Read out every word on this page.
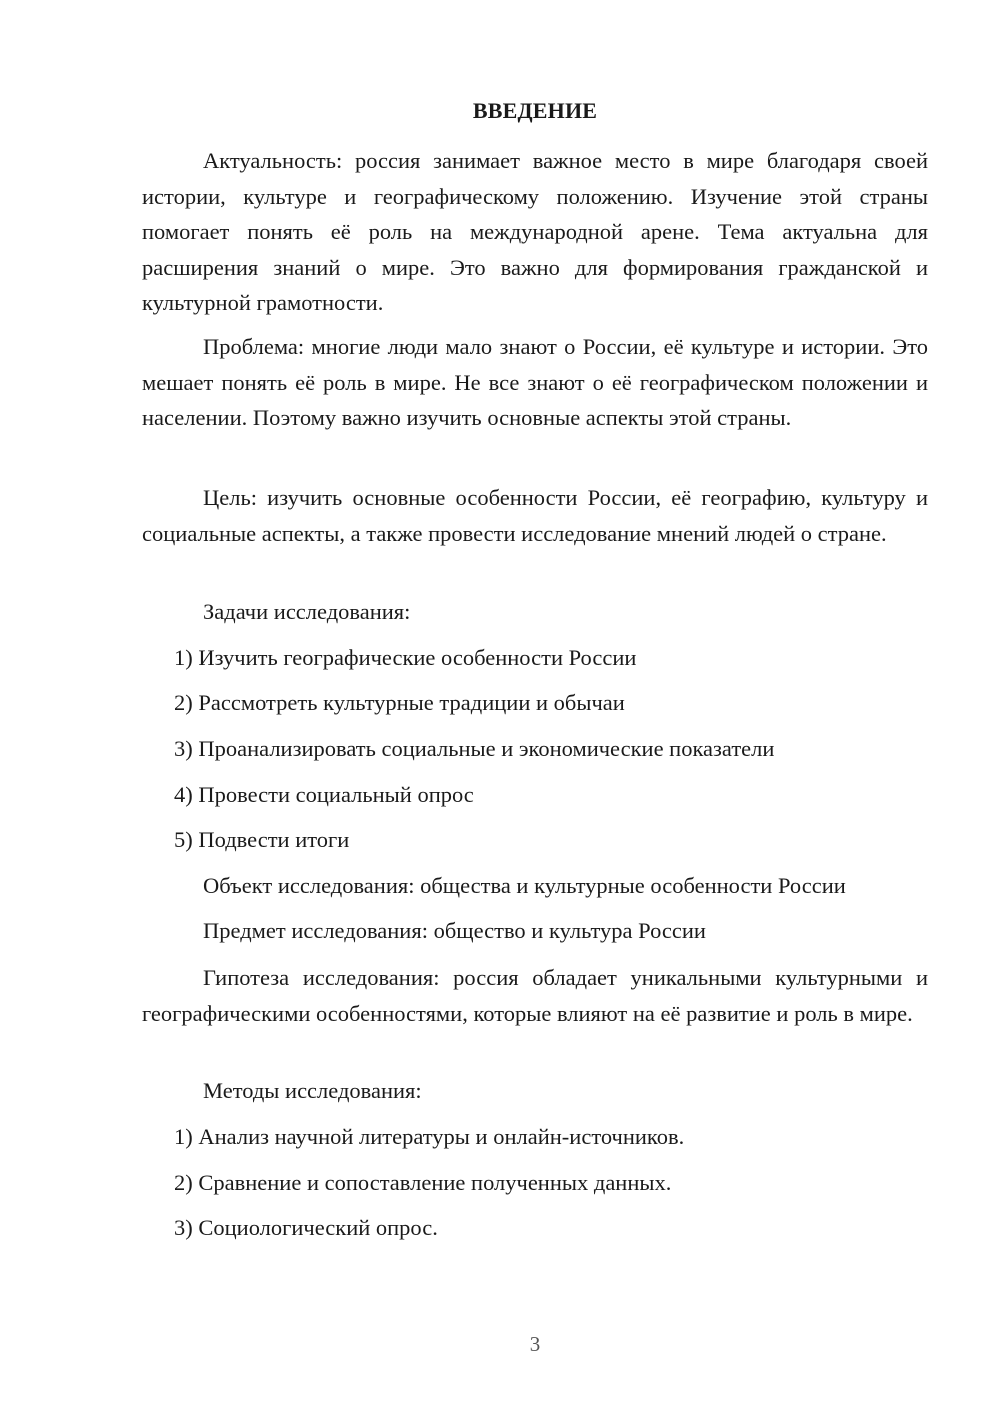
ВВЕДЕНИЕ

Актуальность: россия занимает важное место в мире благодаря своей истории, культуре и географическому положению. Изучение этой страны помогает понять её роль на международной арене. Тема актуальна для расширения знаний о мире. Это важно для формирования гражданской и культурной грамотности.

Проблема: многие люди мало знают о России, её культуре и истории. Это мешает понять её роль в мире. Не все знают о её географическом положении и населении. Поэтому важно изучить основные аспекты этой страны.

Цель: изучить основные особенности России, её географию, культуру и социальные аспекты, а также провести исследование мнений людей о стране.

Задачи исследования:
1) Изучить географические особенности России
2) Рассмотреть культурные традиции и обычаи
3) Проанализировать социальные и экономические показатели
4) Провести социальный опрос
5) Подвести итоги
Объект исследования: общества и культурные особенности России
Предмет исследования: общество и культура России

Гипотеза исследования: россия обладает уникальными культурными и географическими особенностями, которые влияют на её развитие и роль в мире.

Методы исследования:
1) Анализ научной литературы и онлайн-источников.
2) Сравнение и сопоставление полученных данных.
3) Социологический опрос.
3
